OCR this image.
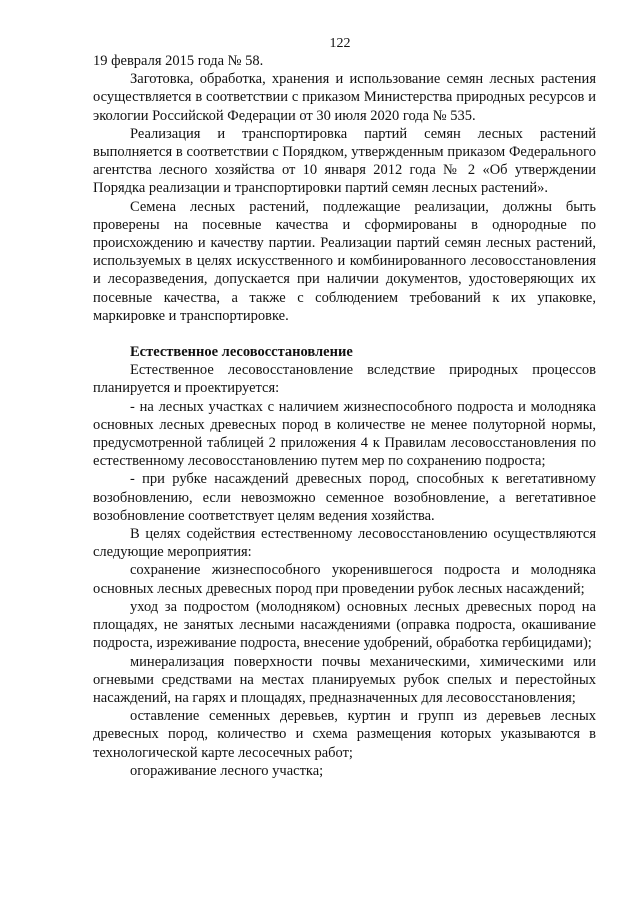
122

19 февраля 2015 года № 58.

Заготовка, обработка, хранения и использование семян лесных растения осуществляется в соответствии с приказом Министерства природных ресурсов и экологии Российской Федерации от 30 июля 2020 года № 535.

Реализация и транспортировка партий семян лесных растений выполняется в соответствии с Порядком, утвержденным приказом Федерального агентства лесного хозяйства от 10 января 2012 года № 2 «Об утверждении Порядка реализации и транспортировки партий семян лесных растений».

Семена лесных растений, подлежащие реализации, должны быть проверены на посевные качества и сформированы в однородные по происхождению и качеству партии. Реализации партий семян лесных растений, используемых в целях искусственного и комбинированного лесовосстановления и лесоразведения, допускается при наличии документов, удостоверяющих их посевные качества, а также с соблюдением требований к их упаковке, маркировке и транспортировке.

Естественное лесовосстановление

Естественное лесовосстановление вследствие природных процессов планируется и проектируется:

- на лесных участках с наличием жизнеспособного подроста и молодняка основных лесных древесных пород в количестве не менее полуторной нормы, предусмотренной таблицей 2 приложения 4 к Правилам лесовосстановления по естественному лесовосстановлению путем мер по сохранению подроста;

- при рубке насаждений древесных пород, способных к вегетативному возобновлению, если невозможно семенное возобновление, а вегетативное возобновление соответствует целям ведения хозяйства.

В целях содействия естественному лесовосстановлению осуществляются следующие мероприятия:

сохранение жизнеспособного укоренившегося подроста и молодняка основных лесных древесных пород при проведении рубок лесных насаждений;

уход за подростом (молодняком) основных лесных древесных пород на площадях, не занятых лесными насаждениями (оправка подроста, окашивание подроста, изреживание подроста, внесение удобрений, обработка гербицидами);

минерализация поверхности почвы механическими, химическими или огневыми средствами на местах планируемых рубок спелых и перестойных насаждений, на гарях и площадях, предназначенных для лесовосстановления;

оставление семенных деревьев, куртин и групп из деревьев лесных древесных пород, количество и схема размещения которых указываются в технологической карте лесосечных работ;

огораживание лесного участка;
